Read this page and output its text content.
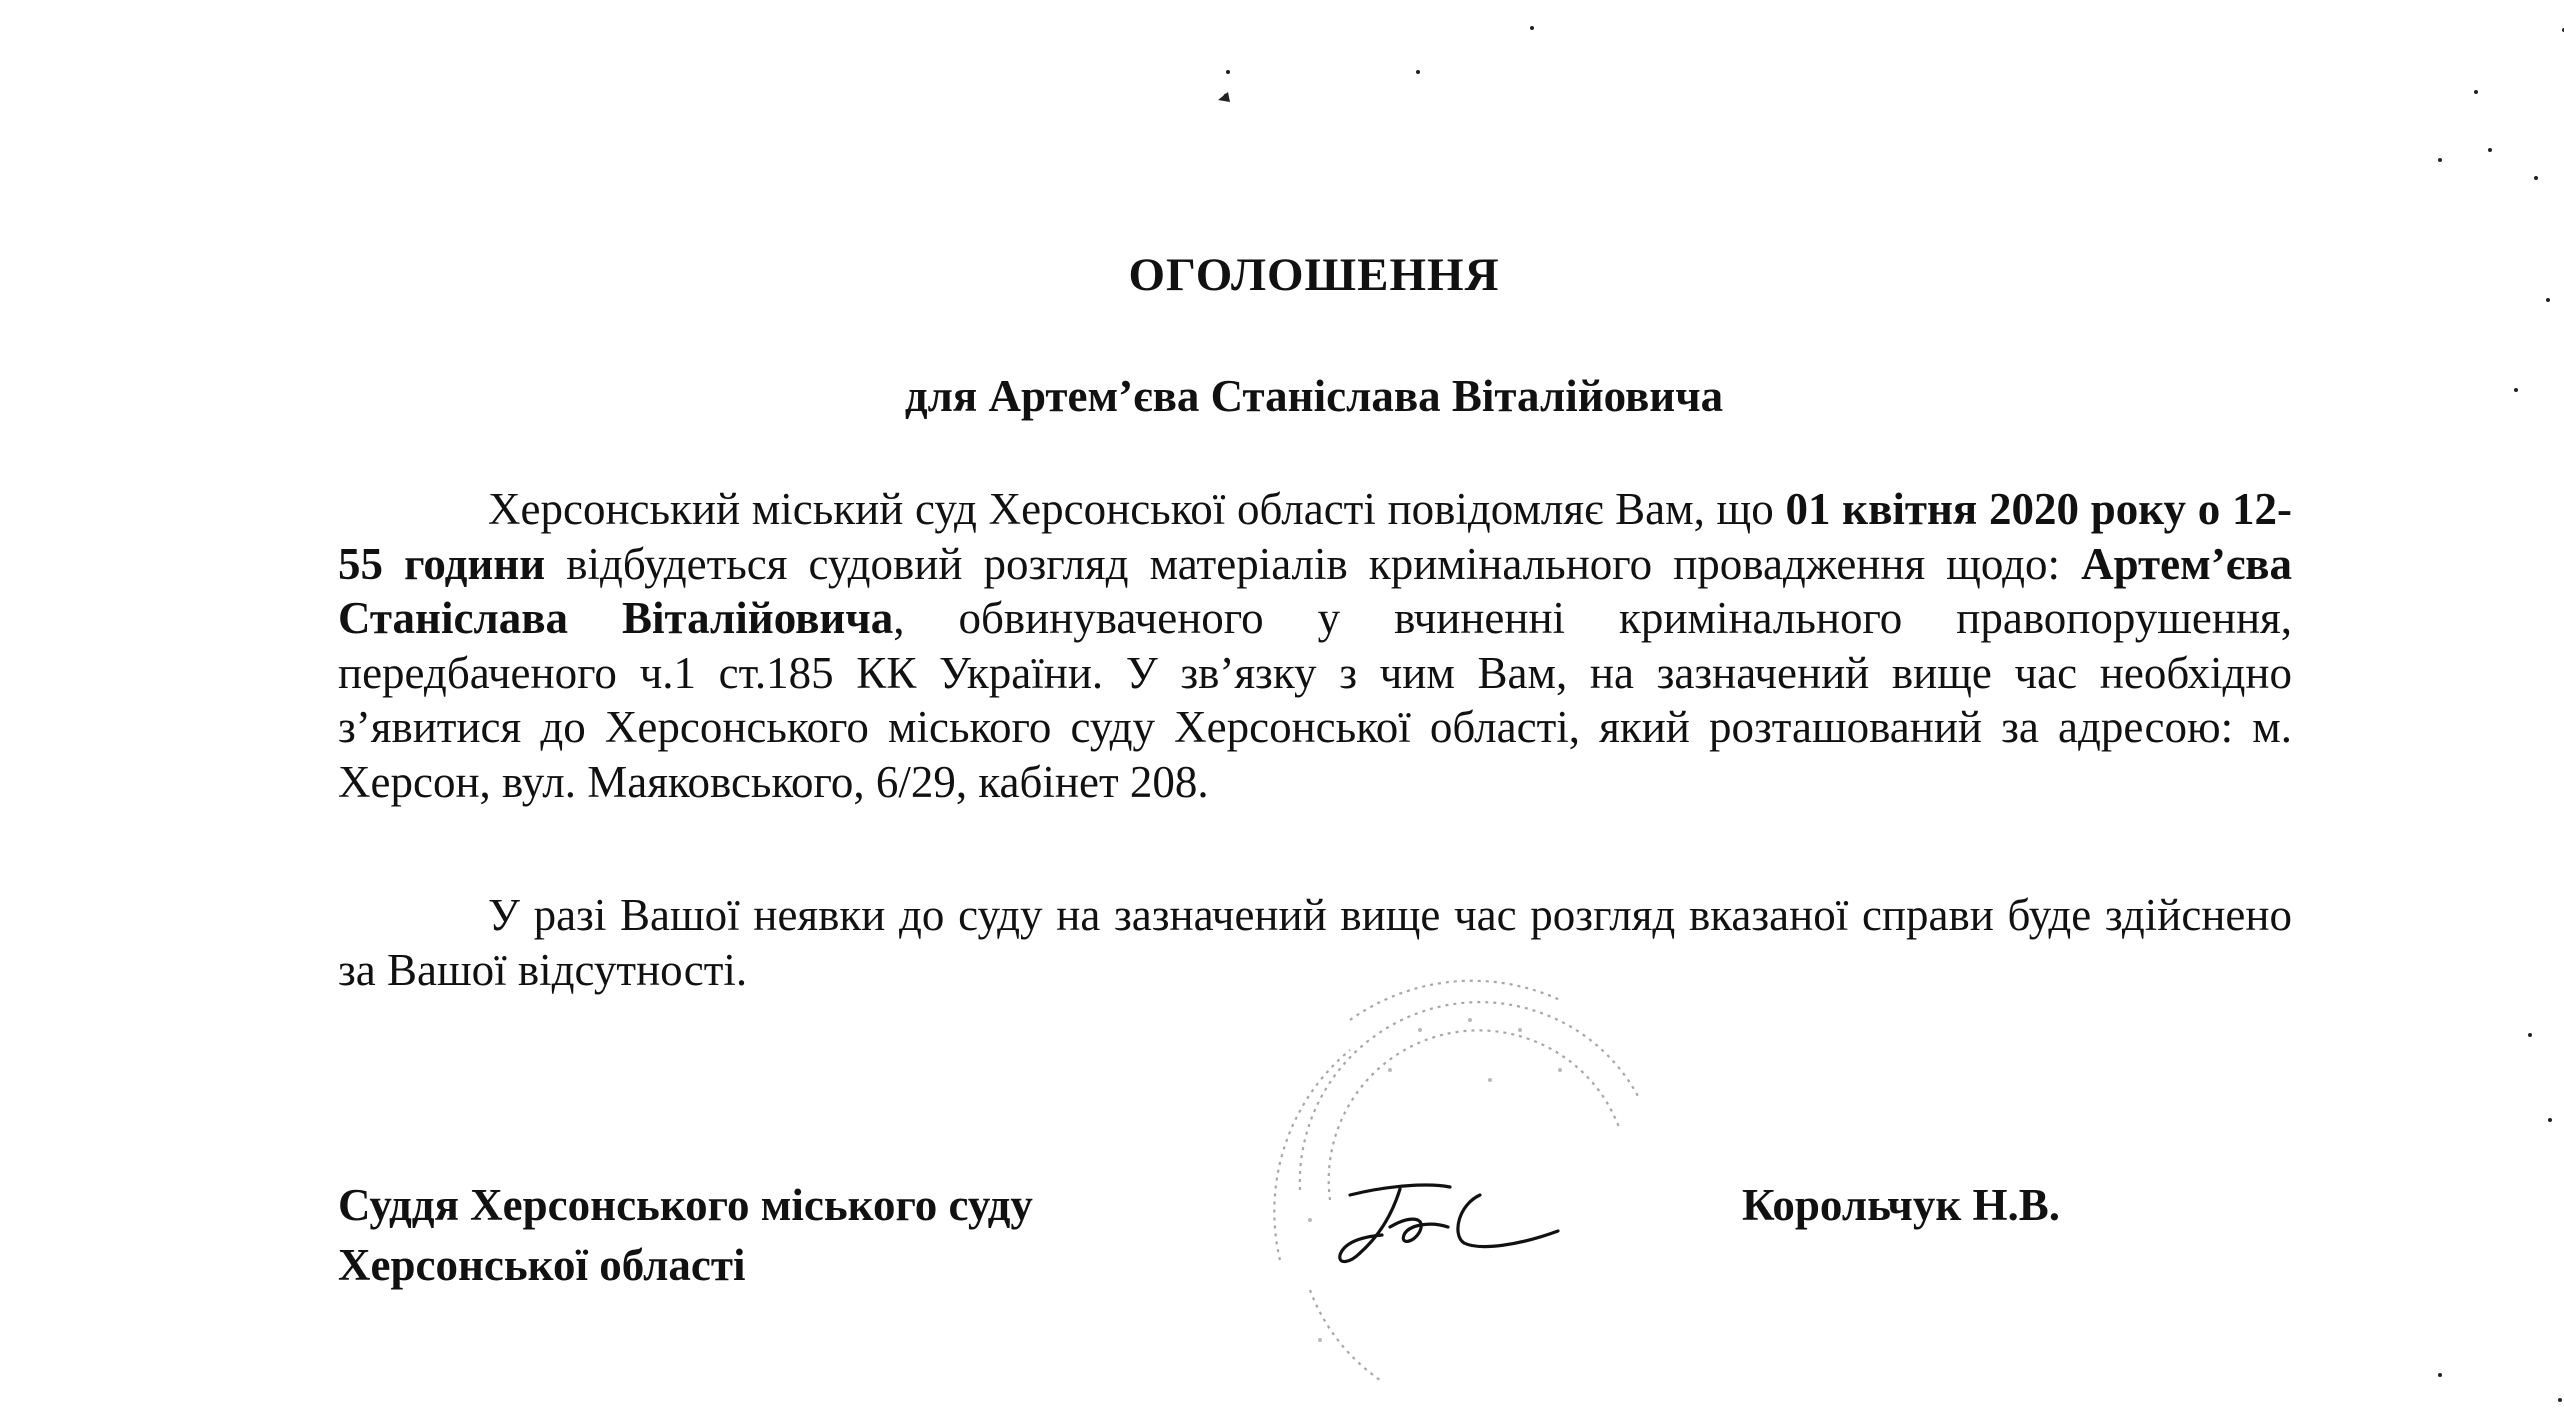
ОГОЛОШЕННЯ
для Артем’єва Станіслава Віталійовича

Херсонський міський суд Херсонської області повідомляє Вам, що 01 квітня 2020 року о 12-55 години відбудеться судовий розгляд матеріалів кримінального провадження щодо: Артем’єва Станіслава Віталійовича, обвинуваченого у вчиненні кримінального правопорушення, передбаченого ч.1 ст.185 КК України. У зв’язку з чим Вам, на зазначений вище час необхідно з’явитися до Херсонського міського суду Херсонської області, який розташований за адресою: м. Херсон, вул. Маяковського, 6/29, кабінет 208.

У разі Вашої неявки до суду на зазначений вище час розгляд вказаної справи буде здійснено за Вашої відсутності.

Суддя Херсонського міського суду
Херсонської області
Корольчук Н.В.
